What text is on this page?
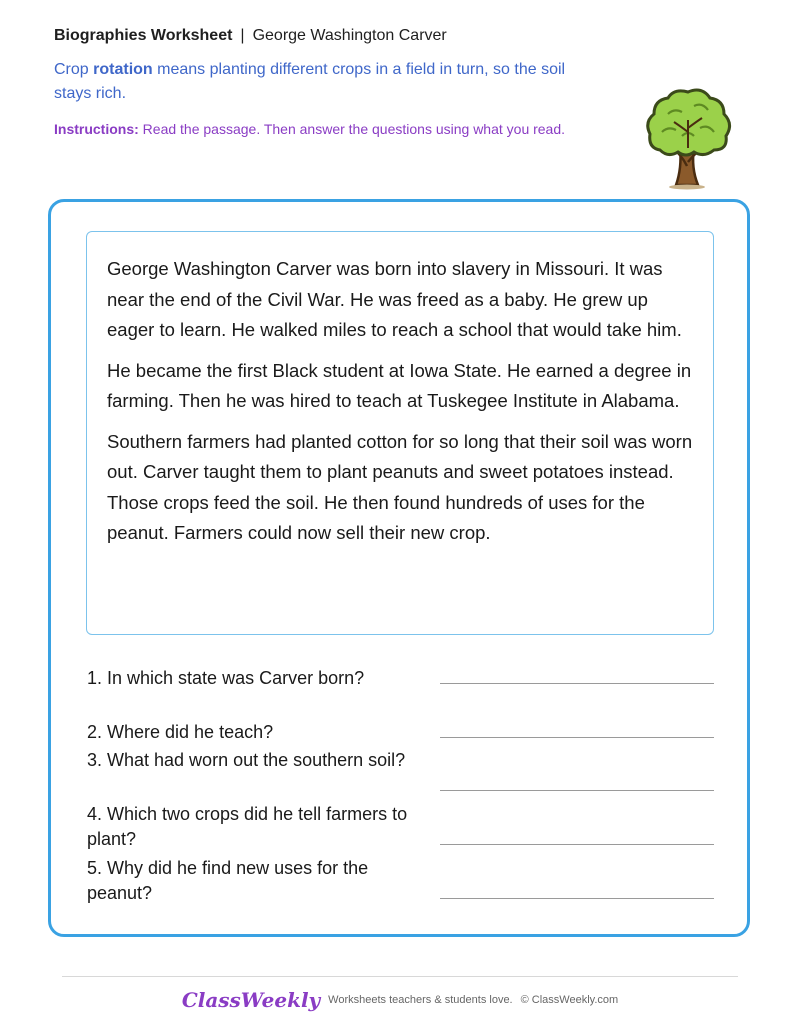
Biographies Worksheet | George Washington Carver
Crop rotation means planting different crops in a field in turn, so the soil stays rich.
Instructions: Read the passage. Then answer the questions using what you read.

George Washington Carver was born into slavery in Missouri. It was near the end of the Civil War. He was freed as a baby. He grew up eager to learn. He walked miles to reach a school that would take him.

He became the first Black student at Iowa State. He earned a degree in farming. Then he was hired to teach at Tuskegee Institute in Alabama.

Southern farmers had planted cotton for so long that their soil was worn out. Carver taught them to plant peanuts and sweet potatoes instead. Those crops feed the soil. He then found hundreds of uses for the peanut. Farmers could now sell their new crop.

1. In which state was Carver born?
2. Where did he teach?
3. What had worn out the southern soil?
4. Which two crops did he tell farmers to plant?
5. Why did he find new uses for the peanut?
ClassWeekly Worksheets teachers & students love. © ClassWeekly.com
